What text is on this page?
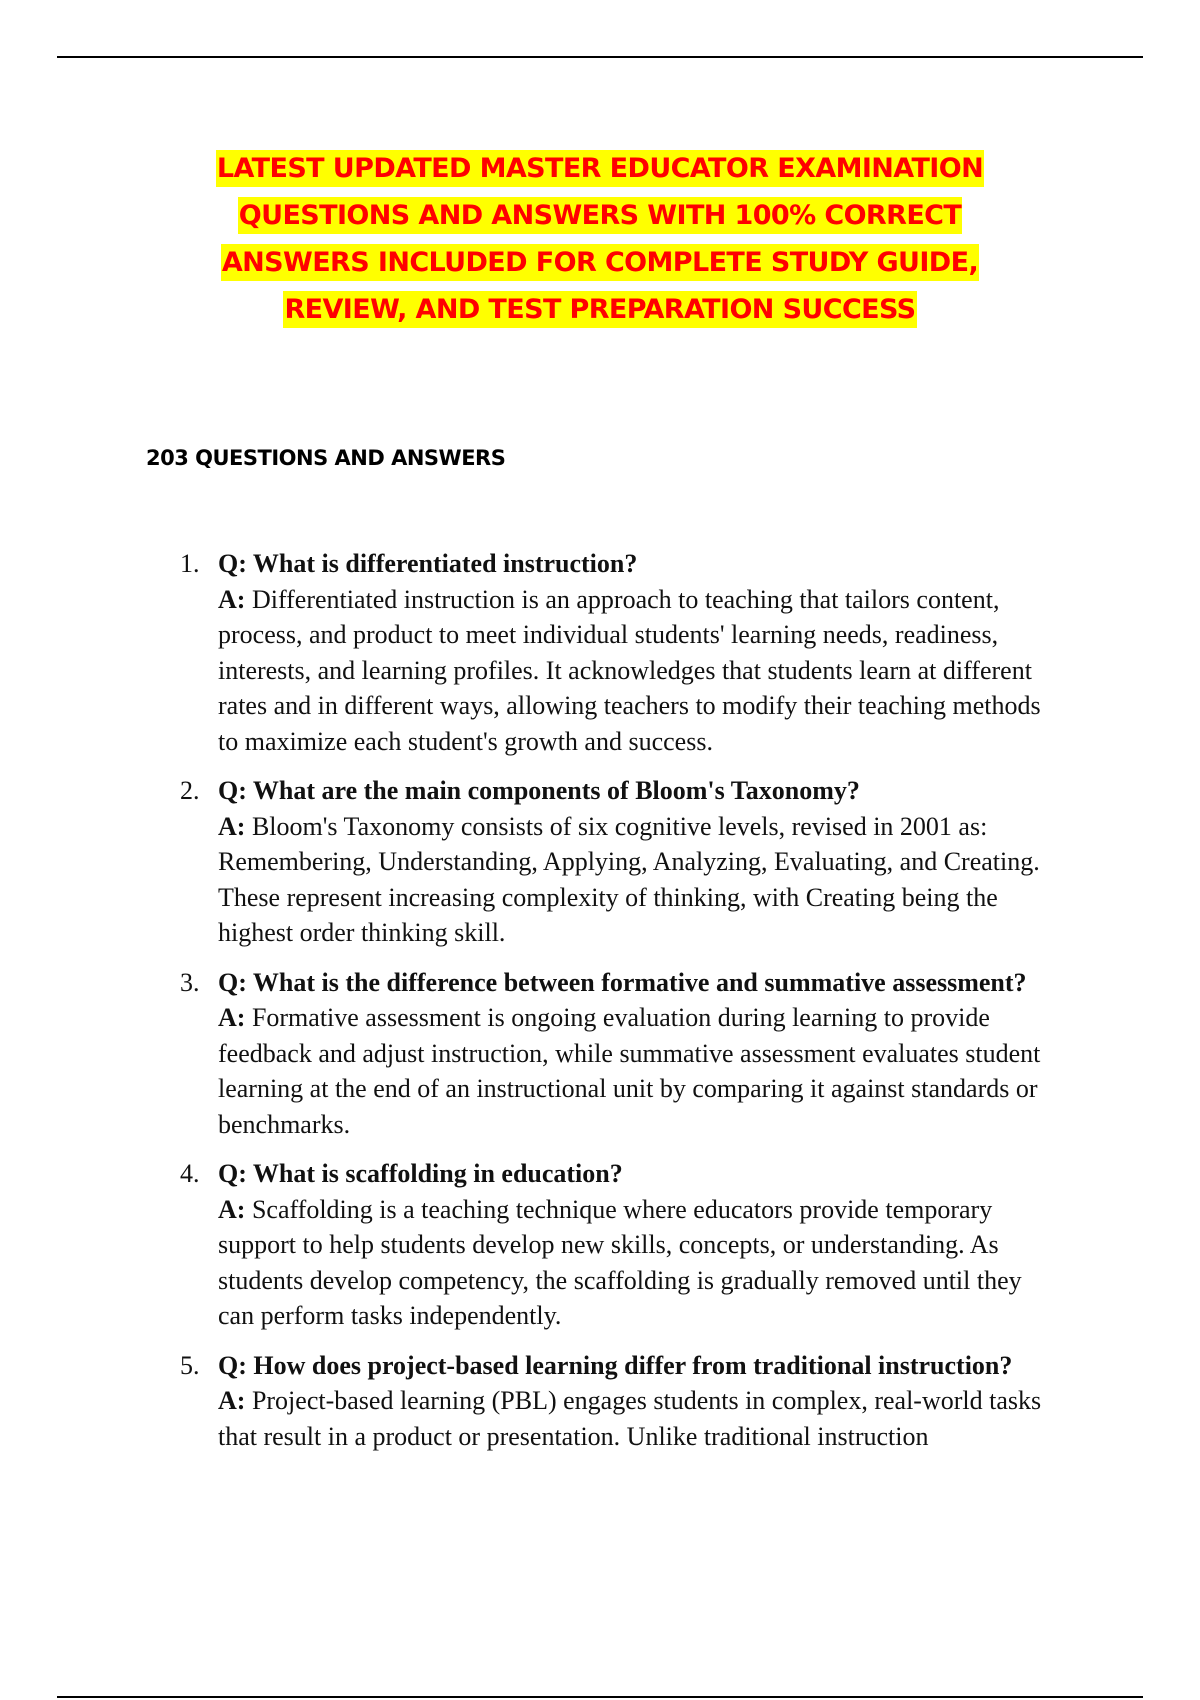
LATEST UPDATED MASTER EDUCATOR EXAMINATION
QUESTIONS AND ANSWERS WITH 100% CORRECT
ANSWERS INCLUDED FOR COMPLETE STUDY GUIDE,
REVIEW, AND TEST PREPARATION SUCCESS
203 QUESTIONS AND ANSWERS
1. Q: What is differentiated instruction?
A: Differentiated instruction is an approach to teaching that tailors content, process, and product to meet individual students' learning needs, readiness, interests, and learning profiles. It acknowledges that students learn at different rates and in different ways, allowing teachers to modify their teaching methods to maximize each student's growth and success.
2. Q: What are the main components of Bloom's Taxonomy?
A: Bloom's Taxonomy consists of six cognitive levels, revised in 2001 as: Remembering, Understanding, Applying, Analyzing, Evaluating, and Creating. These represent increasing complexity of thinking, with Creating being the highest order thinking skill.
3. Q: What is the difference between formative and summative assessment?
A: Formative assessment is ongoing evaluation during learning to provide feedback and adjust instruction, while summative assessment evaluates student learning at the end of an instructional unit by comparing it against standards or benchmarks.
4. Q: What is scaffolding in education?
A: Scaffolding is a teaching technique where educators provide temporary support to help students develop new skills, concepts, or understanding. As students develop competency, the scaffolding is gradually removed until they can perform tasks independently.
5. Q: How does project-based learning differ from traditional instruction?
A: Project-based learning (PBL) engages students in complex, real-world tasks that result in a product or presentation. Unlike traditional instruction
